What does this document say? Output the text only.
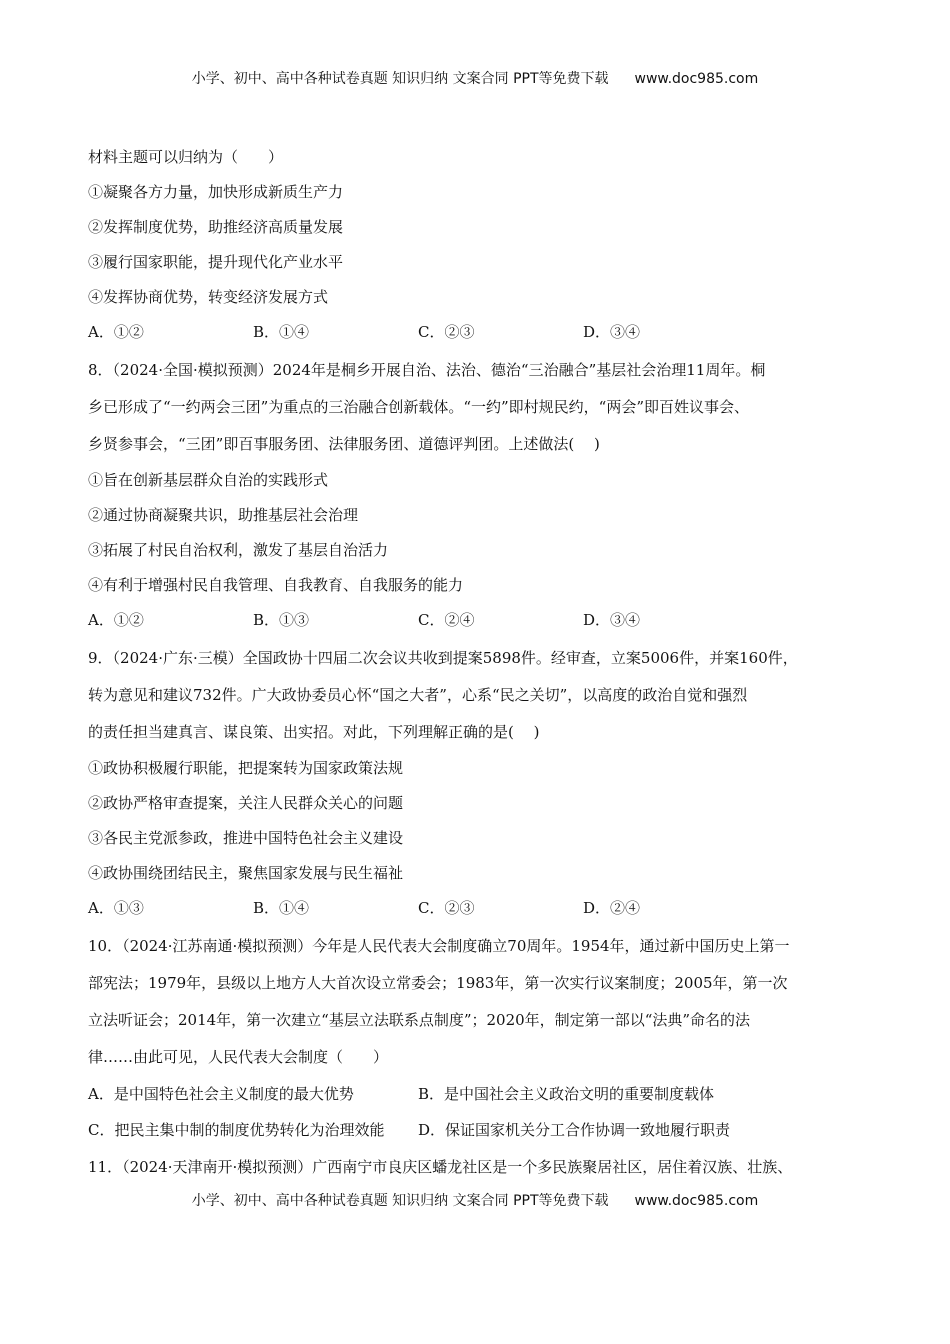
小学、初中、高中各种试卷真题 知识归纳 文案合同 PPT等免费下载 www.doc985.com
材料主题可以归纳为（　　）
①凝聚各方力量，加快形成新质生产力
②发挥制度优势，助推经济高质量发展
③履行国家职能，提升现代化产业水平
④发挥协商优势，转变经济发展方式
A．①②	B．①④	C．②③	D．③④
8．（2024·全国·模拟预测）2024年是桐乡开展自治、法治、德治“三治融合”基层社会治理11周年。桐
乡已形成了“一约两会三团”为重点的三治融合创新载体。“一约”即村规民约，“两会”即百姓议事会、
乡贤参事会，“三团”即百事服务团、法律服务团、道德评判团。上述做法(　 )
①旨在创新基层群众自治的实践形式
②通过协商凝聚共识，助推基层社会治理
③拓展了村民自治权利，激发了基层自治活力
④有利于增强村民自我管理、自我教育、自我服务的能力
A．①②	B．①③	C．②④	D．③④
9．（2024·广东·三模）全国政协十四届二次会议共收到提案5898件。经审查，立案5006件，并案160件，
转为意见和建议732件。广大政协委员心怀“国之大者”，心系“民之关切”，以高度的政治自觉和强烈
的责任担当建真言、谋良策、出实招。对此，下列理解正确的是(　 )
①政协积极履行职能，把提案转为国家政策法规
②政协严格审查提案，关注人民群众关心的问题
③各民主党派参政，推进中国特色社会主义建设
④政协围绕团结民主，聚焦国家发展与民生福祉
A．①③	B．①④	C．②③	D．②④
10．（2024·江苏南通·模拟预测）今年是人民代表大会制度确立70周年。1954年，通过新中国历史上第一
部宪法；1979年，县级以上地方人大首次设立常委会；1983年，第一次实行议案制度；2005年，第一次
立法听证会；2014年，第一次建立“基层立法联系点制度”；2020年，制定第一部以“法典”命名的法
律……由此可见，人民代表大会制度（　　）
A．是中国特色社会主义制度的最大优势	B．是中国社会主义政治文明的重要制度载体
C．把民主集中制的制度优势转化为治理效能 D．保证国家机关分工合作协调一致地履行职责
11．（2024·天津南开·模拟预测）广西南宁市良庆区蟠龙社区是一个多民族聚居社区，居住着汉族、壮族、
小学、初中、高中各种试卷真题 知识归纳 文案合同 PPT等免费下载 www.doc985.com
